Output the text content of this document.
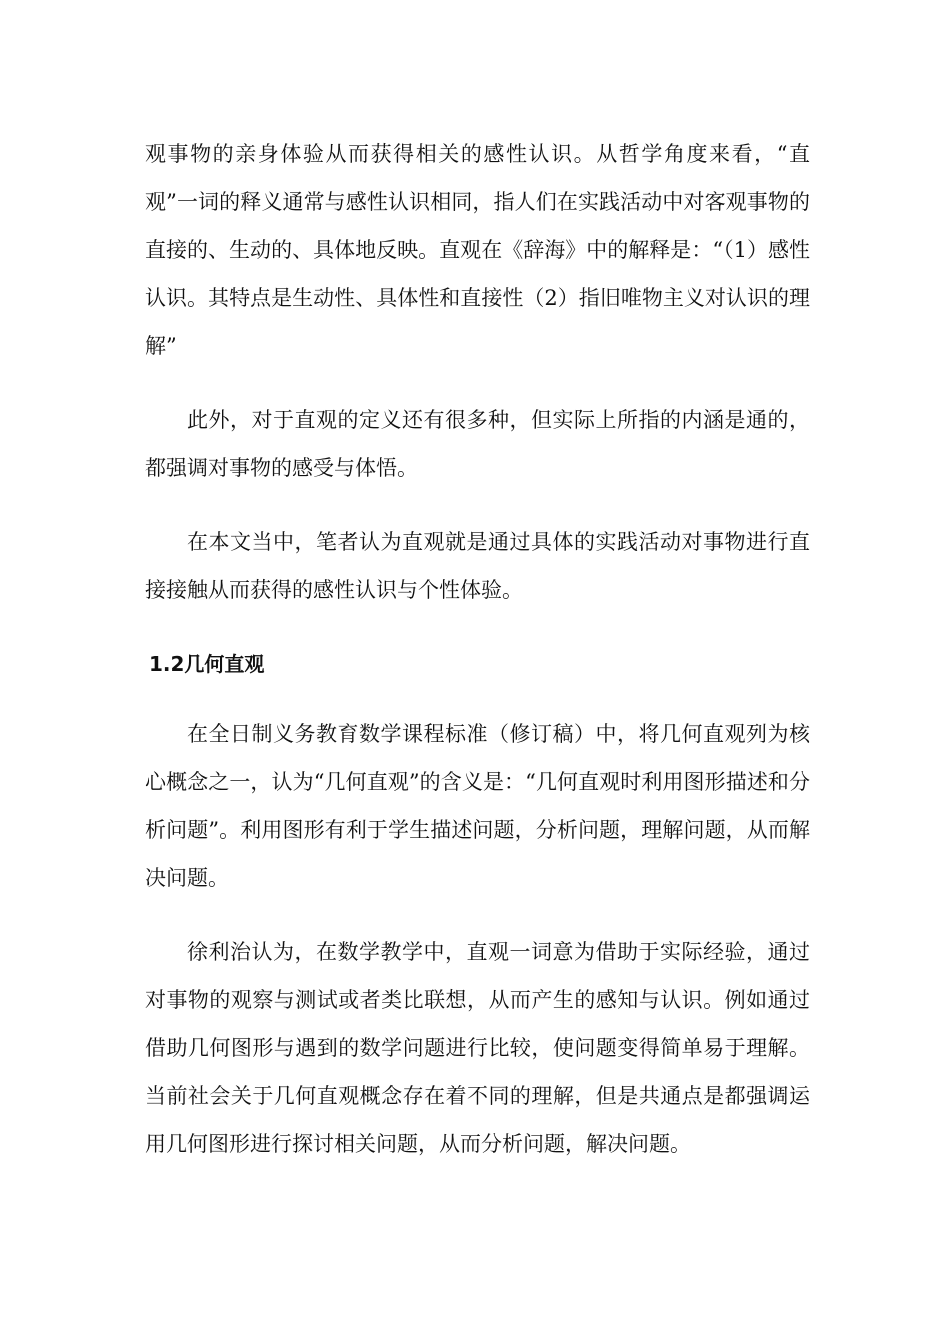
观事物的亲身体验从而获得相关的感性认识。从哲学角度来看，“直观”一词的释义通常与感性认识相同，指人们在实践活动中对客观事物的直接的、生动的、具体地反映。直观在《辞海》中的解释是：“（1）感性认识。其特点是生动性、具体性和直接性（2）指旧唯物主义对认识的理解”

此外，对于直观的定义还有很多种，但实际上所指的内涵是通的，都强调对事物的感受与体悟。

在本文当中，笔者认为直观就是通过具体的实践活动对事物进行直接接触从而获得的感性认识与个性体验。

1.2几何直观

在全日制义务教育数学课程标准（修订稿）中，将几何直观列为核心概念之一，认为“几何直观”的含义是：“几何直观时利用图形描述和分析问题”。利用图形有利于学生描述问题，分析问题，理解问题，从而解决问题。

徐利治认为，在数学教学中，直观一词意为借助于实际经验，通过对事物的观察与测试或者类比联想，从而产生的感知与认识。例如通过借助几何图形与遇到的数学问题进行比较，使问题变得简单易于理解。当前社会关于几何直观概念存在着不同的理解，但是共通点是都强调运用几何图形进行探讨相关问题，从而分析问题，解决问题。
